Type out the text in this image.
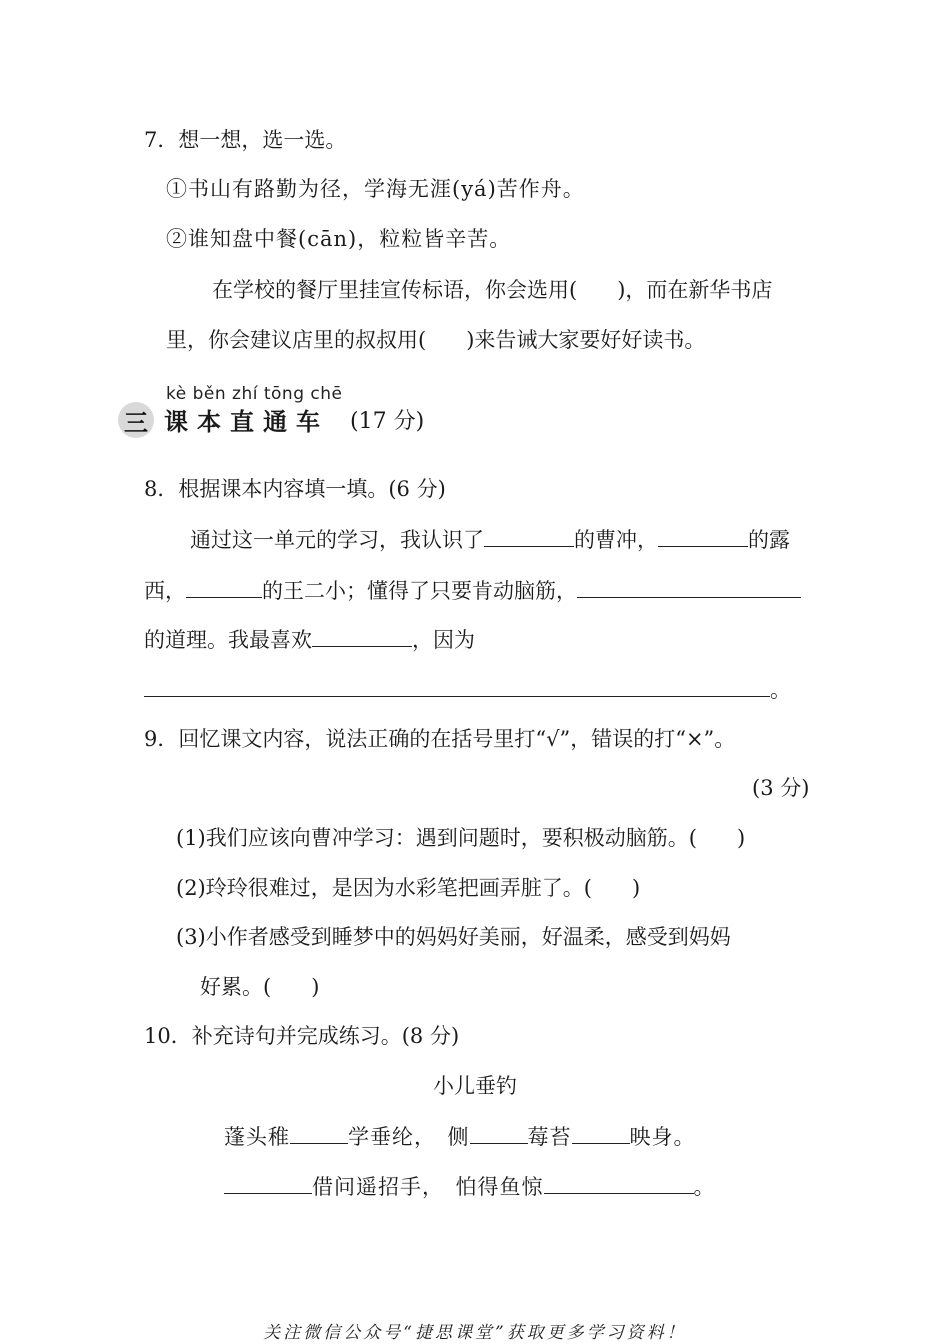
7．想一想，选一选。
①书山有路勤为径，学海无涯(yá)苦作舟。
②谁知盘中餐(cān)，粒粒皆辛苦。
在学校的餐厅里挂宣传标语，你会选用( )，而在新华书店
里，你会建议店里的叔叔用( )来告诫大家要好好读书。
kè běn zhí tōng chē
三 课本直通车 (17 分)
8．根据课本内容填一填。(6 分)
通过这一单元的学习，我认识了	的曹冲，	的露
西，	的王二小；懂得了只要肯动脑筋，
的道理。我最喜欢	，因为
。
9．回忆课文内容，说法正确的在括号里打“√”，错误的打“×”。
(3 分)
(1)我们应该向曹冲学习：遇到问题时，要积极动脑筋。( )
(2)玲玲很难过，是因为水彩笔把画弄脏了。( )
(3)小作者感受到睡梦中的妈妈好美丽，好温柔，感受到妈妈
好累。( )
10．补充诗句并完成练习。(8 分)
小儿垂钓
蓬头稚	学垂纶，　侧	莓苔	映身。
借问遥招手，　怕得鱼惊	。
关注微信公众号“捷思课堂”获取更多学习资料！
